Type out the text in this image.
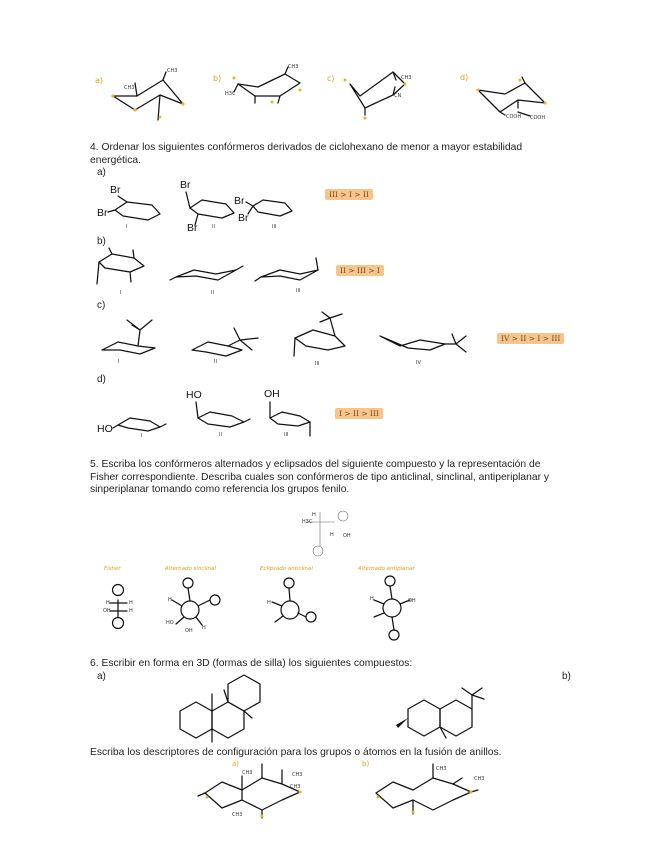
a)	b)	c)	d)
CH3
CH3
CH3
H3C
CH3
CN
COOH COOH
4. Ordenar los siguientes confórmeros derivados de ciclohexano de menor a mayor estabilidad energética.
a)
Br
Br
Br
Br
Br
Br
I	II	III
III > I > II
b)
I	II	III
II > III > I
c)
I	II	III	IV
IV > II > I > III
d)
HO
HO	OH
I	II	III
I > II > III
5. Escriba los confórmeros alternados y eclipsados del siguiente compuesto y la representación de Fisher correspondiente. Describa cuales son confórmeros de tipo anticlinal, sinclinal, antiperiplanar y sinperiplanar tomando como referencia los grupos fenilo.
Fisher	Alternado sinclinal	Eclipsado anticlinal	Alternado antiplanar
H3C
H
H
OH
H	H
OH	H
OH
H
HO
H
H	OH
H
6. Escribir en forma en 3D (formas de silla) los siguientes compuestos:
a)	b)
Escriba los descriptores de configuración para los grupos o átomos en la fusión de anillos.
a)	b)
CH3
CH3
CH3
CH3
CH3
CH3
